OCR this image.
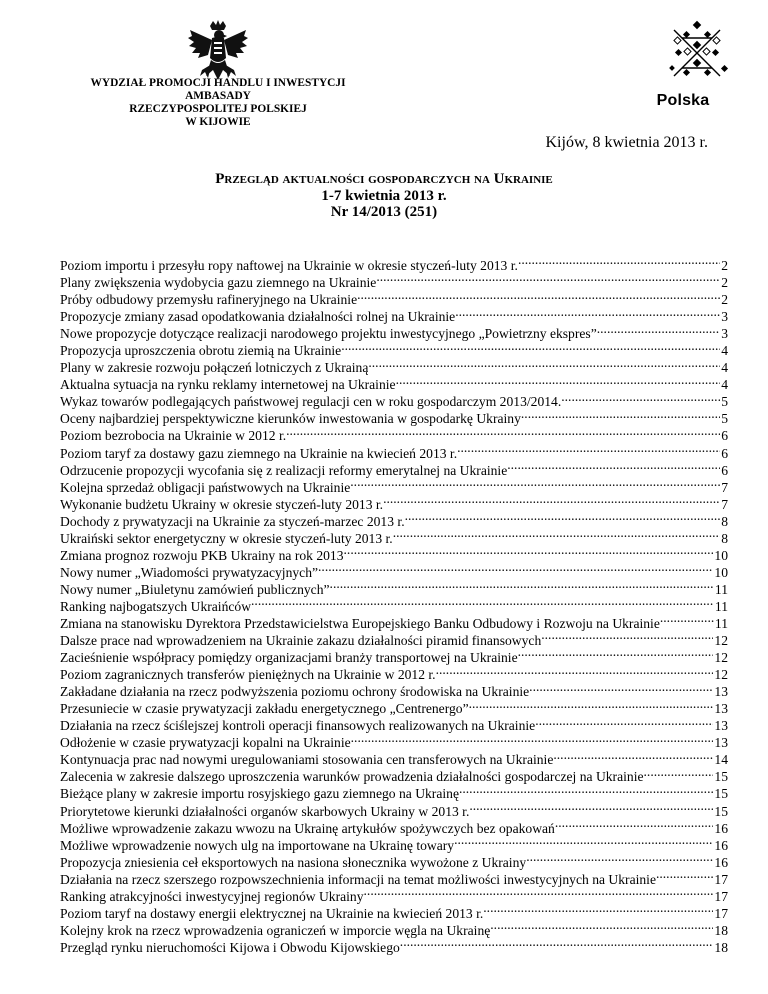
WYDZIAŁ PROMOCJI HANDLU I INWESTYCJI
AMBASADY
RZECZYPOSPOLITEJ POLSKIEJ
W KIJOWIE
Polska
Kijów, 8 kwietnia 2013 r.
Przegląd aktualności gospodarczych na Ukrainie
1-7 kwietnia 2013 r.
Nr 14/2013 (251)
Poziom importu i przesyłu ropy naftowej na Ukrainie w okresie styczeń-luty 2013 r. .....	2
Plany zwiększenia wydobycia gazu ziemnego na Ukrainie .....	2
Próby odbudowy przemysłu rafineryjnego na Ukrainie .....	2
Propozycje zmiany zasad opodatkowania działalności rolnej na Ukrainie .....	3
Nowe propozycje dotyczące realizacji narodowego projektu inwestycyjnego „Powietrzny ekspres” .....	3
Propozycja uproszczenia obrotu ziemią na Ukrainie .....	4
Plany w zakresie rozwoju połączeń lotniczych z Ukrainą .....	4
Aktualna sytuacja na rynku reklamy internetowej na Ukrainie .....	4
Wykaz towarów podlegających państwowej regulacji cen w roku gospodarczym 2013/2014. .....	5
Oceny najbardziej perspektywiczne kierunków inwestowania w gospodarkę Ukrainy .....	5
Poziom bezrobocia na Ukrainie w 2012 r. .....	6
Poziom taryf za dostawy gazu ziemnego na Ukrainie na kwiecień 2013 r. .....	6
Odrzucenie propozycji wycofania się z realizacji reformy emerytalnej na Ukrainie .....	6
Kolejna sprzedaż obligacji państwowych na Ukrainie .....	7
Wykonanie budżetu Ukrainy w okresie styczeń-luty 2013 r. .....	7
Dochody z prywatyzacji na Ukrainie za styczeń-marzec 2013 r. .....	8
Ukraiński sektor energetyczny w okresie styczeń-luty 2013 r. .....	8
Zmiana prognoz rozwoju PKB Ukrainy na rok 2013 .....	10
Nowy numer „Wiadomości prywatyzacyjnych” .....	10
Nowy numer „Biuletynu zamówień publicznych” .....	11
Ranking najbogatszych Ukraińców .....	11
Zmiana na stanowisku Dyrektora Przedstawicielstwa Europejskiego Banku Odbudowy i Rozwoju na Ukrainie .....	11
Dalsze prace nad wprowadzeniem na Ukrainie zakazu działalności piramid finansowych .....	12
Zacieśnienie współpracy pomiędzy organizacjami branży transportowej na Ukrainie .....	12
Poziom zagranicznych transferów pieniężnych na Ukrainie w 2012 r. .....	12
Zakładane działania na rzecz podwyższenia poziomu ochrony środowiska na Ukrainie .....	13
Przesuniecie w czasie prywatyzacji zakładu energetycznego „Centrenergo” .....	13
Działania na rzecz ściślejszej kontroli operacji finansowych realizowanych na Ukrainie .....	13
Odłożenie w czasie prywatyzacji kopalni na Ukrainie .....	13
Kontynuacja prac nad nowymi uregulowaniami stosowania cen transferowych na Ukrainie .....	14
Zalecenia w zakresie dalszego uproszczenia warunków prowadzenia działalności gospodarczej na Ukrainie .....	15
Bieżące plany w zakresie importu rosyjskiego gazu ziemnego na Ukrainę .....	15
Priorytetowe kierunki działalności organów skarbowych Ukrainy w 2013 r. .....	15
Możliwe wprowadzenie zakazu wwozu na Ukrainę artykułów spożywczych bez opakowań .....	16
Możliwe wprowadzenie nowych ulg na importowane na Ukrainę towary .....	16
Propozycja zniesienia ceł eksportowych na nasiona słonecznika wywożone z Ukrainy .....	16
Działania na rzecz szerszego rozpowszechnienia informacji na temat możliwości inwestycyjnych na Ukrainie .....	17
Ranking atrakcyjności inwestycyjnej regionów Ukrainy .....	17
Poziom taryf na dostawy energii elektrycznej na Ukrainie na kwiecień 2013 r. .....	17
Kolejny krok na rzecz wprowadzenia ograniczeń w imporcie węgla na Ukrainę .....	18
Przegląd rynku nieruchomości Kijowa i Obwodu Kijowskiego .....	18
